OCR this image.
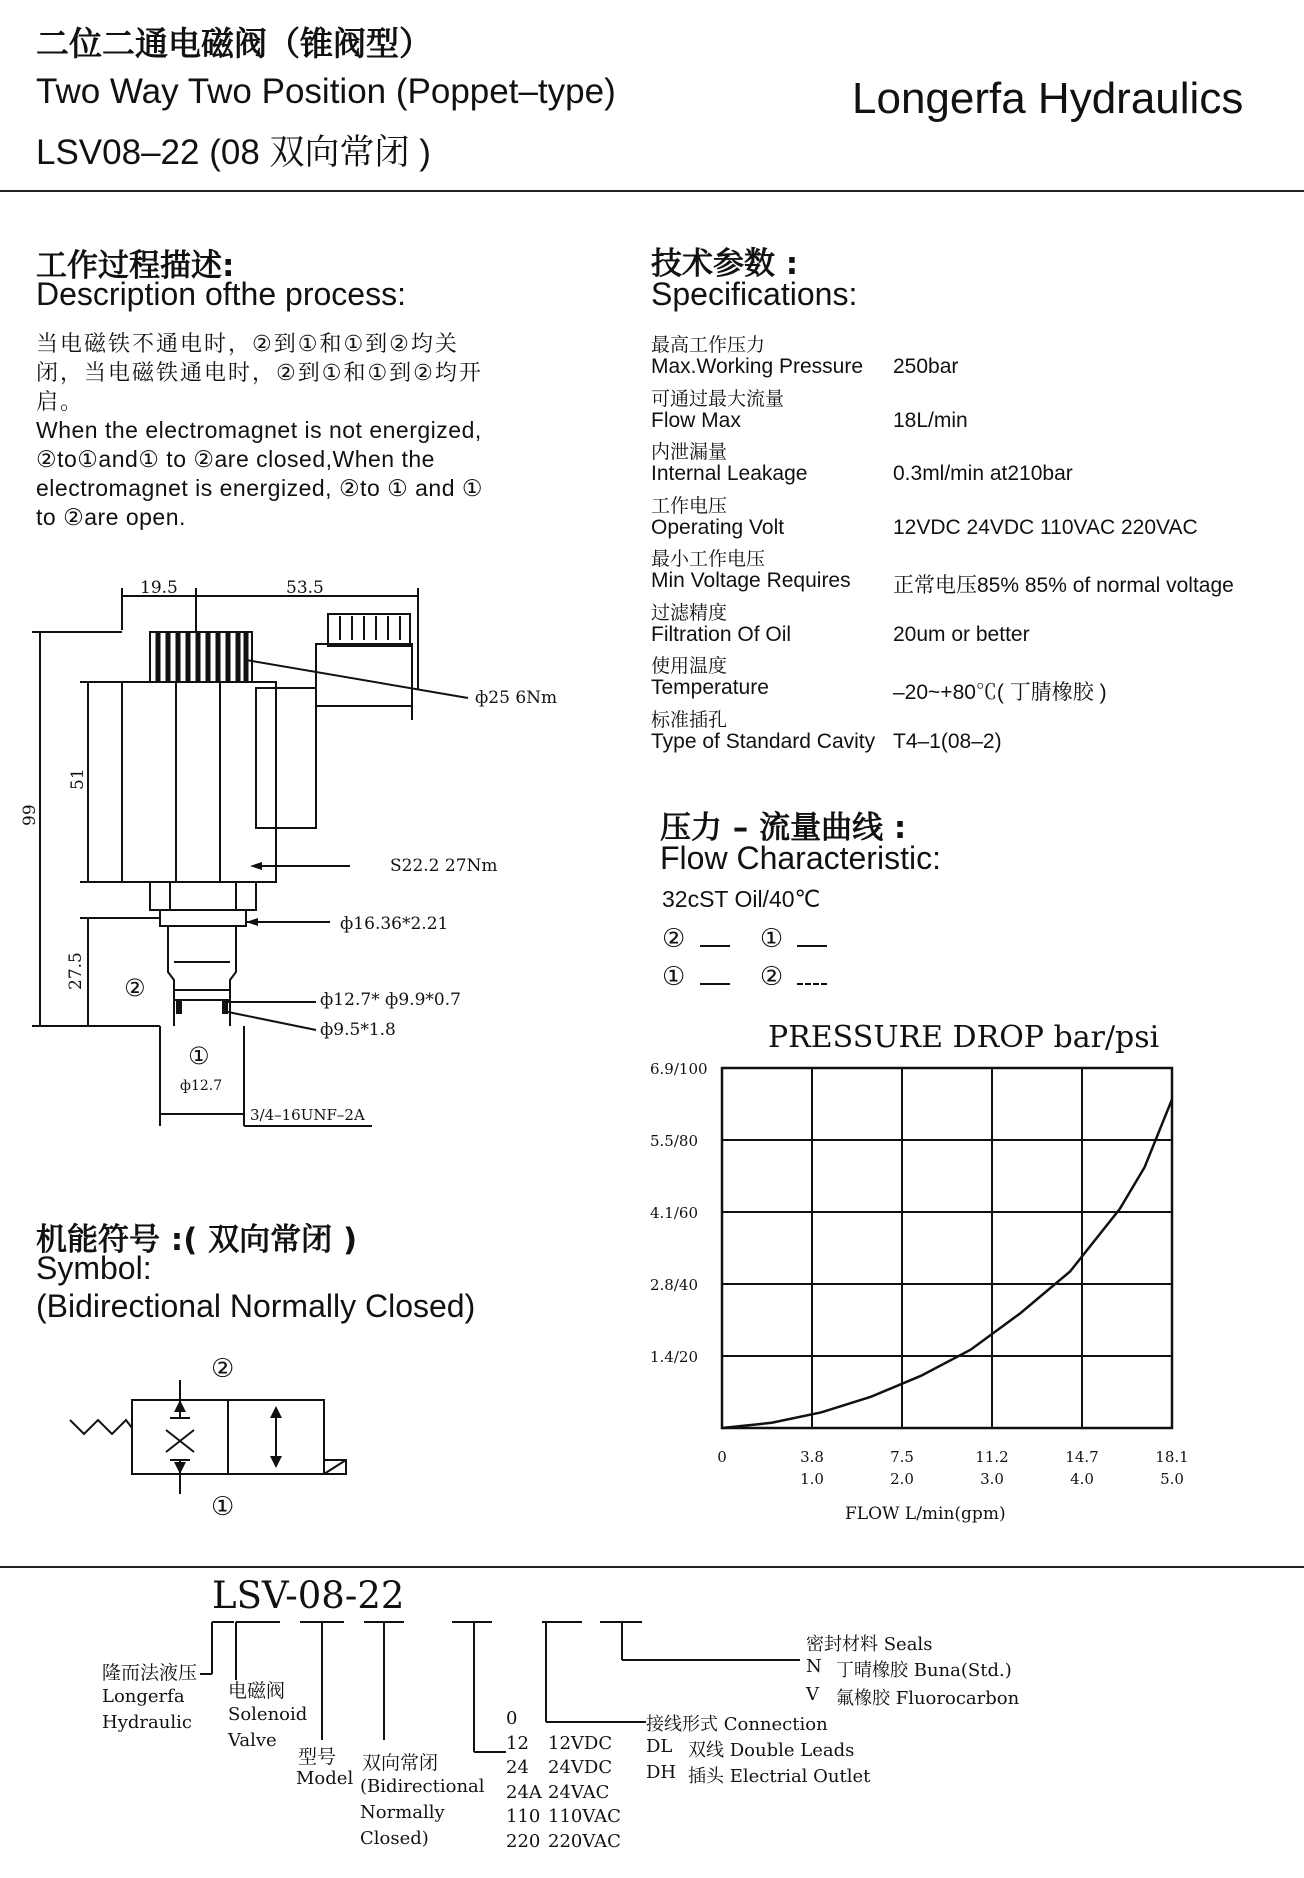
二位二通电磁阀（锥阀型）
Two Way Two Position (Poppet–type)
LSV08–22 (08 双向常闭 )
Longerfa Hydraulics
工作过程描述:
Description ofthe process:
当电磁铁不通电时，②到①和①到②均关
闭，当电磁铁通电时，②到①和①到②均开
启。
When the electromagnet is not energized,
②to①and① to ②are closed,When the
electromagnet is energized, ②to ① and ①
to ②are open.
19.5	53.5
ф25 6Nm
99
51
S22.2 27Nm
ф16.36*2.21
27.5
ф12.7* ф9.9*0.7
ф9.5*1.8
②
①
ф12.7
3/4–16UNF–2A
技术参数 :
Specifications:
最高工作压力
Max.Working Pressure 250bar
可通过最大流量
Flow Max	18L/min
内泄漏量
Internal Leakage	0.3ml/min at210bar
工作电压
Operating Volt	12VDC 24VDC 110VAC 220VAC
最小工作电压
Min Voltage Requires 正常电压85% 85% of normal voltage
过滤精度
Filtration Of Oil	20um or better
使用温度
Temperature	–20~+80℃( 丁腈橡胶 )
标准插孔
Type of Standard Cavity T4–1(08–2)
压力 – 流量曲线 :
Flow Characteristic:
32cST Oil/40℃
②	①
①	②
PRESSURE DROP bar/psi
1.4/20
2.8/40
4.1/60
5.5/80
6.9/100
0	3.8
1.0
7.5
2.0
11.2
3.0
14.7
4.0
18.1
5.0
FLOW L/min(gpm)
机能符号 :( 双向常闭 )
Symbol:
(Bidirectional Normally Closed)
②
①
LSV-08-22
隆而法液压
Longerfa
Hydraulic
电磁阀
Solenoid
Valve
型号
Model
双向常闭
(Bidirectional
Normally
Closed)
0
12 12VDC
24 24VDC
24A 24VAC
110 110VAC
220 220VAC
接线形式 Connection
DL 双线 Double Leads
DH 插头 Electrial Outlet
密封材料 Seals
N 丁晴橡胶 Buna(Std.)
V 氟橡胶 Fluorocarbon
